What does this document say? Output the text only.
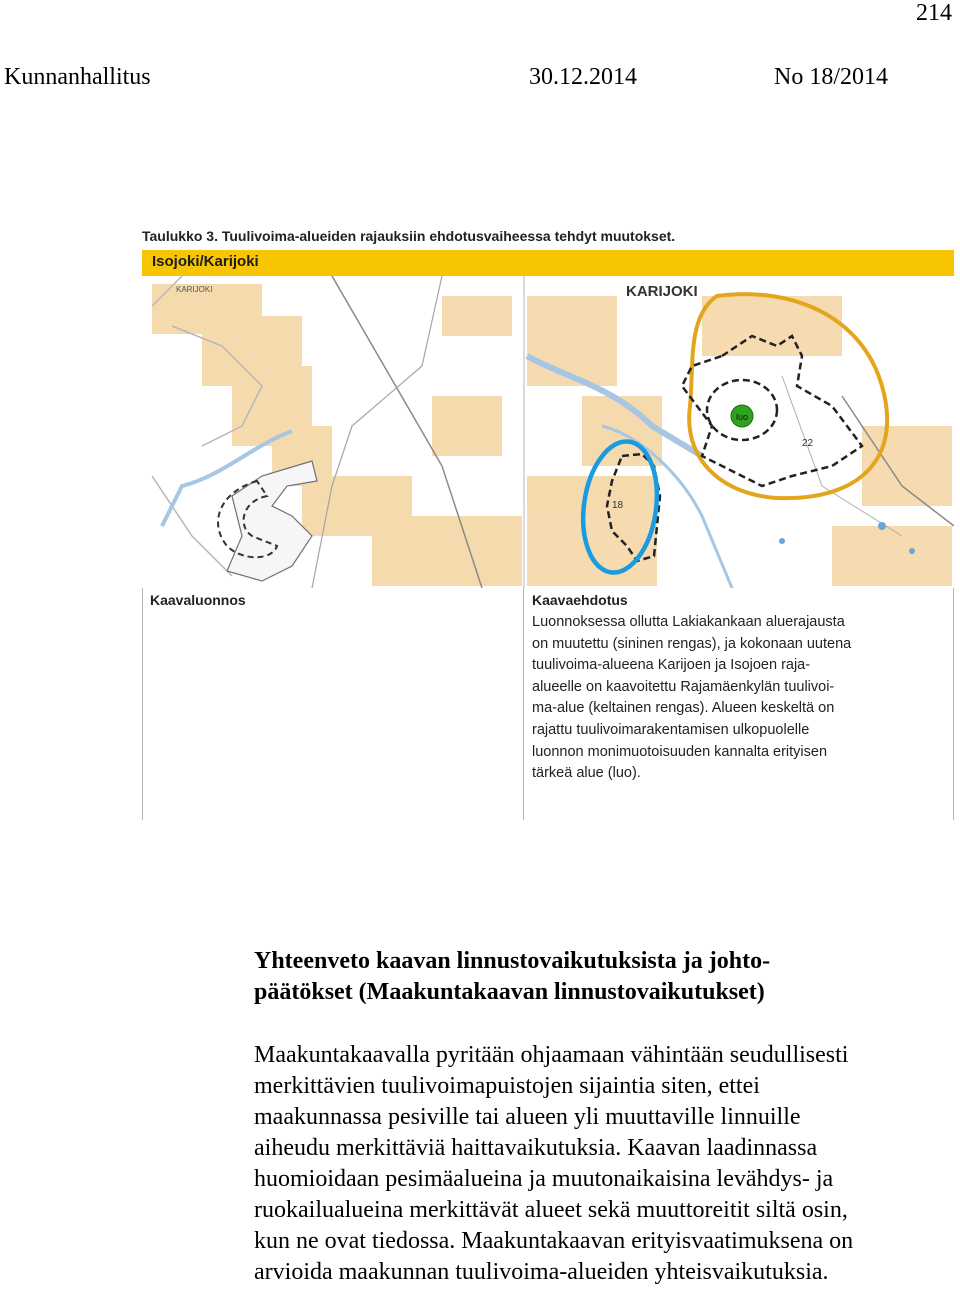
214
Kunnanhallitus	30.12.2014	No 18/2014
Taulukko 3. Tuulivoima-alueiden rajauksiin ehdotusvaiheessa tehdyt muutokset.
Isojoki/Karijoki
KARIJOKI
luo
22
KARIJOKI
18
Kaavaluonnos	Kaavaehdotus
Luonnoksessa ollutta Lakiakankaan aluerajausta
on muutettu (sininen rengas), ja kokonaan uutena
tuulivoima-alueena Karijoen ja Isojoen raja-
alueelle on kaavoitettu Rajamäenkylän tuulivoi-
ma-alue (keltainen rengas). Alueen keskeltä on
rajattu tuulivoimarakentamisen ulkopuolelle
luonnon monimuotoisuuden kannalta erityisen
tärkeä alue (luo).
Yhteenveto kaavan linnustovaikutuksista ja johto-
päätökset (Maakuntakaavan linnustovaikutukset)
Maakuntakaavalla pyritään ohjaamaan vähintään seudullisesti
merkittävien tuulivoimapuistojen sijaintia siten, ettei
maakunnassa pesiville tai alueen yli muuttaville linnuille
aiheudu merkittäviä haittavaikutuksia. Kaavan laadinnassa
huomioidaan pesimäalueina ja muutonaikaisina levähdys- ja
ruokailualueina merkittävät alueet sekä muuttoreitit siltä osin,
kun ne ovat tiedossa. Maakuntakaavan erityisvaatimuksena on
arvioida maakunnan tuulivoima-alueiden yhteisvaikutuksia.
